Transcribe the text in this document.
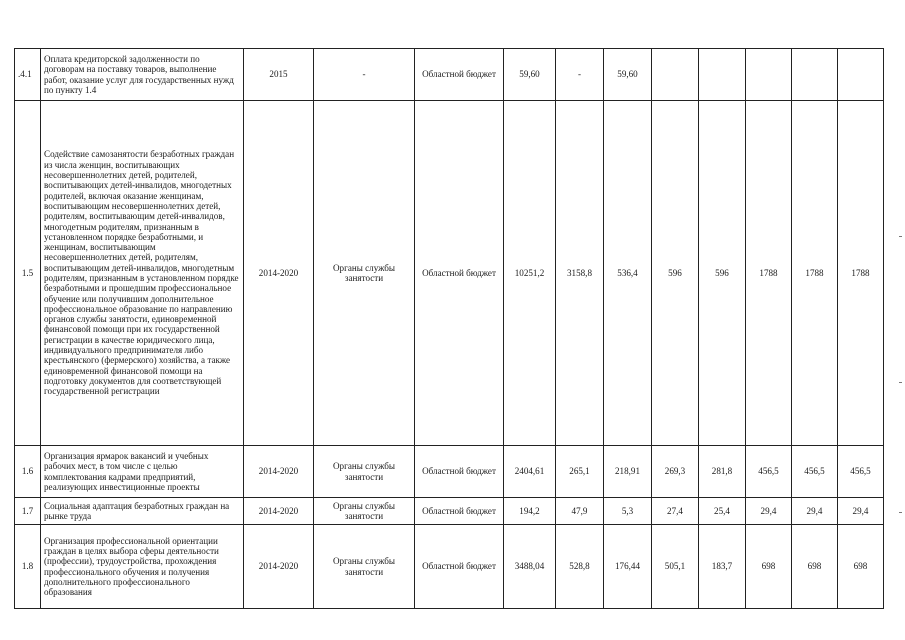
.4.1	Оплата кредиторской задолженности по договорам на поставку товаров, выполнение работ, оказание услуг для государственных нужд по пункту 1.4	2015	-	Областной бюджет	59,60	-	59,60					
1.5	Содействие самозанятости безработных граждан из числа женщин, воспитывающих несовершеннолетних детей, родителей, воспитывающих детей-инвалидов, многодетных родителей, включая оказание женщинам, воспитывающим несовершеннолетних детей, родителям, воспитывающим детей-инвалидов, многодетным родителям, признанным в установленном порядке безработными, и женщинам, воспитывающим несовершеннолетних детей, родителям, воспитывающим детей-инвалидов, многодетным родителям, признанным в установленном порядке безработными и прошедшим профессиональное обучение или получившим дополнительное профессиональное образование по направлению органов службы занятости, единовременной финансовой помощи при их государственной регистрации в качестве юридического лица, индивидуального предпринимателя либо крестьянского (фермерского) хозяйства, а также единовременной финансовой помощи на подготовку документов для соответствующей государственной регистрации	2014-2020	Органы службы занятости	Областной бюджет	10251,2	3158,8	536,4	596	596	1788	1788	1788
1.6	Организация ярмарок вакансий и учебных рабочих мест, в том числе с целью комплектования кадрами предприятий, реализующих инвестиционные проекты	2014-2020	Органы службы занятости	Областной бюджет	2404,61	265,1	218,91	269,3	281,8	456,5	456,5	456,5
1.7	Социальная адаптация безработных граждан на рынке труда	2014-2020	Органы службы занятости	Областной бюджет	194,2	47,9	5,3	27,4	25,4	29,4	29,4	29,4
1.8	Организация профессиональной ориентации граждан в целях выбора сферы деятельности (профессии), трудоустройства, прохождения профессионального обучения и получения дополнительного профессионального образования	2014-2020	Органы службы занятости	Областной бюджет	3488,04	528,8	176,44	505,1	183,7	698	698	698
